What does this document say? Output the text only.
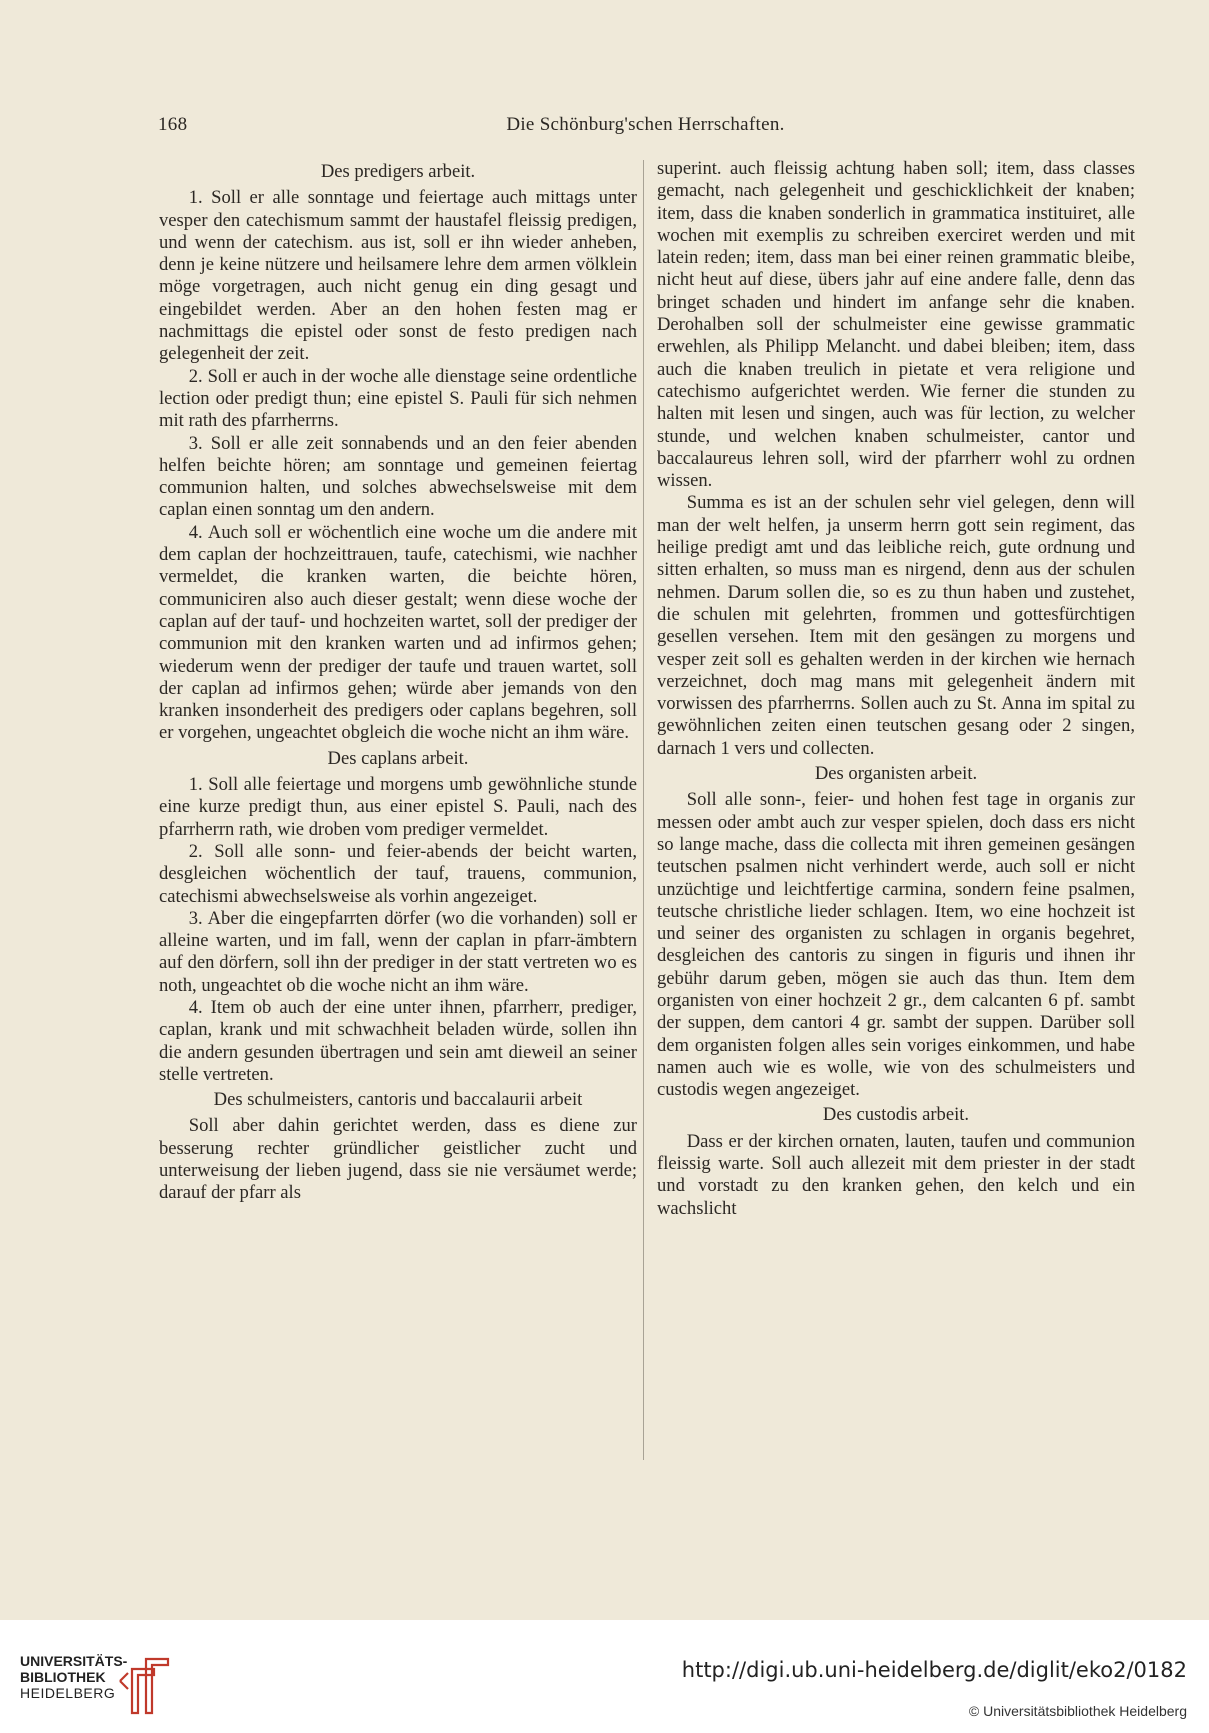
168	Die Schönburg'schen Herrschaften.
Des predigers arbeit.

1. Soll er alle sonntage und feiertage auch mittags unter vesper den catechismum sammt der haustafel fleissig predigen, und wenn der catechism. aus ist, soll er ihn wieder anheben, denn je keine nützere und heilsamere lehre dem armen völklein möge vorgetragen, auch nicht genug ein ding gesagt und eingebildet werden. Aber an den hohen festen mag er nachmittags die epistel oder sonst de festo predigen nach gelegenheit der zeit.

2. Soll er auch in der woche alle dienstage seine ordentliche lection oder predigt thun; eine epistel S. Pauli für sich nehmen mit rath des pfarrherrns.

3. Soll er alle zeit sonnabends und an den feier abenden helfen beichte hören; am sonntage und gemeinen feiertag communion halten, und solches abwechselsweise mit dem caplan einen sonntag um den andern.

4. Auch soll er wöchentlich eine woche um die andere mit dem caplan der hochzeittrauen, taufe, catechismi, wie nachher vermeldet, die kranken warten, die beichte hören, communiciren also auch dieser gestalt; wenn diese woche der caplan auf der tauf- und hochzeiten wartet, soll der prediger der communion mit den kranken warten und ad infirmos gehen; wiederum wenn der prediger der taufe und trauen wartet, soll der caplan ad infirmos gehen; würde aber jemands von den kranken insonderheit des predigers oder caplans begehren, soll er vorgehen, ungeachtet obgleich die woche nicht an ihm wäre.

Des caplans arbeit.

1. Soll alle feiertage und morgens umb gewöhnliche stunde eine kurze predigt thun, aus einer epistel S. Pauli, nach des pfarrherrn rath, wie droben vom prediger vermeldet.

2. Soll alle sonn- und feier-abends der beicht warten, desgleichen wöchentlich der tauf, trauens, communion, catechismi abwechselsweise als vorhin angezeiget.

3. Aber die eingepfarrten dörfer (wo die vorhanden) soll er alleine warten, und im fall, wenn der caplan in pfarr-ämbtern auf den dörfern, soll ihn der prediger in der statt vertreten wo es noth, ungeachtet ob die woche nicht an ihm wäre.

4. Item ob auch der eine unter ihnen, pfarrherr, prediger, caplan, krank und mit schwachheit beladen würde, sollen ihn die andern gesunden übertragen und sein amt dieweil an seiner stelle vertreten.

Des schulmeisters, cantoris und baccalaurii arbeit

Soll aber dahin gerichtet werden, dass es diene zur besserung rechter gründlicher geistlicher zucht und unterweisung der lieben jugend, dass sie nie versäumet werde; darauf der pfarr als

superint. auch fleissig achtung haben soll; item, dass classes gemacht, nach gelegenheit und geschicklichkeit der knaben; item, dass die knaben sonderlich in grammatica instituiret, alle wochen mit exemplis zu schreiben exerciret werden und mit latein reden; item, dass man bei einer reinen grammatic bleibe, nicht heut auf diese, übers jahr auf eine andere falle, denn das bringet schaden und hindert im anfange sehr die knaben. Derohalben soll der schulmeister eine gewisse grammatic erwehlen, als Philipp Melancht. und dabei bleiben; item, dass auch die knaben treulich in pietate et vera religione und catechismo aufgerichtet werden. Wie ferner die stunden zu halten mit lesen und singen, auch was für lection, zu welcher stunde, und welchen knaben schulmeister, cantor und baccalaureus lehren soll, wird der pfarrherr wohl zu ordnen wissen.

Summa es ist an der schulen sehr viel gelegen, denn will man der welt helfen, ja unserm herrn gott sein regiment, das heilige predigt amt und das leibliche reich, gute ordnung und sitten erhalten, so muss man es nirgend, denn aus der schulen nehmen. Darum sollen die, so es zu thun haben und zustehet, die schulen mit gelehrten, frommen und gottesfürchtigen gesellen versehen. Item mit den gesängen zu morgens und vesper zeit soll es gehalten werden in der kirchen wie hernach verzeichnet, doch mag mans mit gelegenheit ändern mit vorwissen des pfarrherrns. Sollen auch zu St. Anna im spital zu gewöhnlichen zeiten einen teutschen gesang oder 2 singen, darnach 1 vers und collecten.

Des organisten arbeit.

Soll alle sonn-, feier- und hohen fest tage in organis zur messen oder ambt auch zur vesper spielen, doch dass ers nicht so lange mache, dass die collecta mit ihren gemeinen gesängen teutschen psalmen nicht verhindert werde, auch soll er nicht unzüchtige und leichtfertige carmina, sondern feine psalmen, teutsche christliche lieder schlagen. Item, wo eine hochzeit ist und seiner des organisten zu schlagen in organis begehret, desgleichen des cantoris zu singen in figuris und ihnen ihr gebühr darum geben, mögen sie auch das thun. Item dem organisten von einer hochzeit 2 gr., dem calcanten 6 pf. sambt der suppen, dem cantori 4 gr. sambt der suppen. Darüber soll dem organisten folgen alles sein voriges einkommen, und habe namen auch wie es wolle, wie von des schulmeisters und custodis wegen angezeiget.

Des custodis arbeit.

Dass er der kirchen ornaten, lauten, taufen und communion fleissig warte. Soll auch allezeit mit dem priester in der stadt und vorstadt zu den kranken gehen, den kelch und ein wachslicht

UNIVERSITÄTS-
BIBLIOTHEK
HEIDELBERG
http://digi.ub.uni-heidelberg.de/diglit/eko2/0182
© Universitätsbibliothek Heidelberg
